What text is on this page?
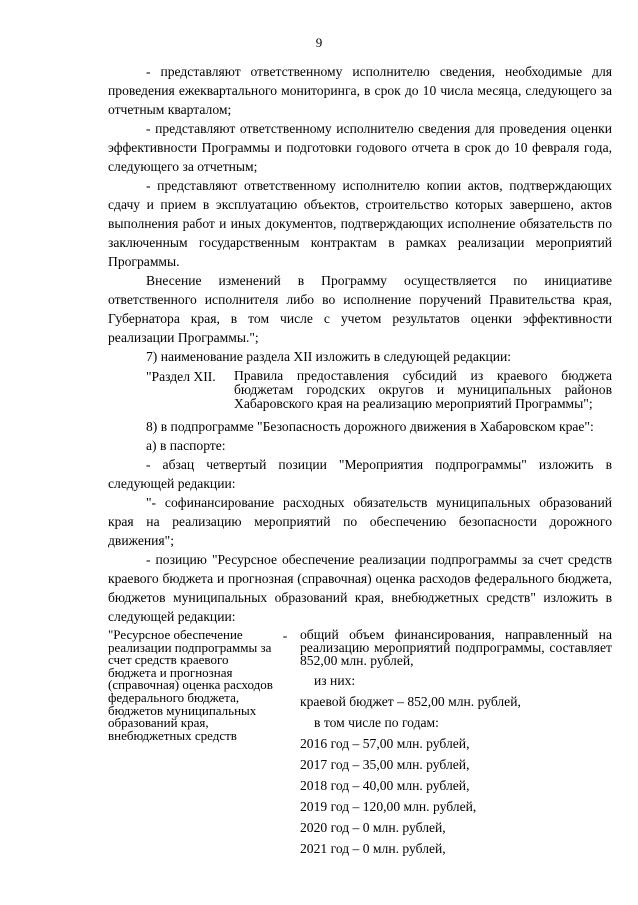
9

- представляют ответственному исполнителю сведения, необходимые для проведения ежеквартального мониторинга, в срок до 10 числа месяца, следующего за отчетным кварталом;

- представляют ответственному исполнителю сведения для проведения оценки эффективности Программы и подготовки годового отчета в срок до 10 февраля года, следующего за отчетным;

- представляют ответственному исполнителю копии актов, подтверждающих сдачу и прием в эксплуатацию объектов, строительство которых завершено, актов выполнения работ и иных документов, подтверждающих исполнение обязательств по заключенным государственным контрактам в рамках реализации мероприятий Программы.

Внесение изменений в Программу осуществляется по инициативе ответственного исполнителя либо во исполнение поручений Правительства края, Губернатора края, в том числе с учетом результатов оценки эффективности реализации Программы.";

7) наименование раздела XII изложить в следующей редакции:

"Раздел XII.	Правила предоставления субсидий из краевого бюджета бюджетам городских округов и муниципальных районов Хабаровского края на реализацию мероприятий Программы";

8) в подпрограмме "Безопасность дорожного движения в Хабаровском крае":

а) в паспорте:

- абзац четвертый позиции "Мероприятия подпрограммы" изложить в следующей редакции:

"- софинансирование расходных обязательств муниципальных образований края на реализацию мероприятий по обеспечению безопасности дорожного движения";

- позицию "Ресурсное обеспечение реализации подпрограммы за счет средств краевого бюджета и прогнозная (справочная) оценка расходов федерального бюджета, бюджетов муниципальных образований края, внебюджетных средств" изложить в следующей редакции:

"Ресурсное обеспечение реализации подпрограммы за счет средств краевого бюджета и прогнозная (справочная) оценка расходов федерального бюджета, бюджетов муниципальных образований края, внебюджетных средств
- общий объем финансирования, направленный на реализацию мероприятий подпрограммы, составляет 852,00 млн. рублей,
из них:
краевой бюджет – 852,00 млн. рублей,
в том числе по годам:
2016 год – 57,00 млн. рублей,
2017 год – 35,00 млн. рублей,
2018 год – 40,00 млн. рублей,
2019 год – 120,00 млн. рублей,
2020 год – 0 млн. рублей,
2021 год – 0 млн. рублей,
